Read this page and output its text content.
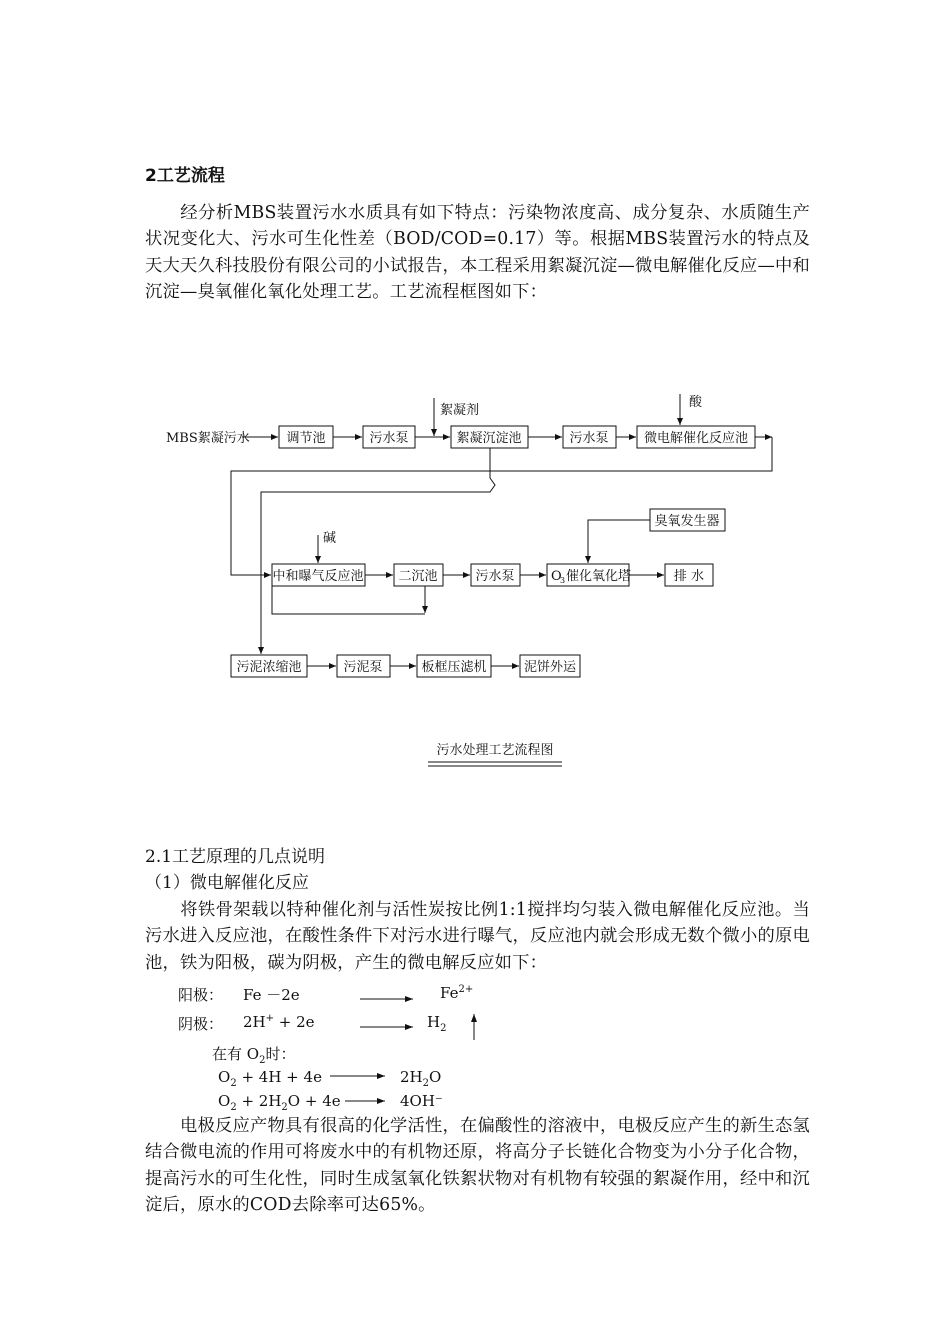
2工艺流程
经分析MBS装置污水水质具有如下特点：污染物浓度高、成分复杂、水质随生产状况变化大、污水可生化性差（BOD/COD=0.17）等。根据MBS装置污水的特点及天大天久科技股份有限公司的小试报告，本工程采用絮凝沉淀—微电解催化反应—中和沉淀—臭氧催化氧化处理工艺。工艺流程框图如下：
MBS絮凝污水
絮凝剂
酸
碱
调节池	污水泵	絮凝沉淀池	污水泵	微电解催化反应池
中和曝气反应池	二沉池	污水泵	O
3 催化氧化塔	排 水
臭氧发生器
污泥浓缩池	污泥泵	板框压滤机	泥饼外运
污水处理工艺流程图
2.1工艺原理的几点说明
（1）微电解催化反应
将铁骨架载以特种催化剂与活性炭按比例1:1搅拌均匀装入微电解催化反应池。当污水进入反应池，在酸性条件下对污水进行曝气，反应池内就会形成无数个微小的原电池，铁为阳极，碳为阴极，产生的微电解反应如下：
阳极： Fe －2e	$Fe^{2+}$
阴极： 2H+ + 2e	$H_2$
在有 $O_2$时：
$O_2 + 4H + 4e$	$2H_2O$
$O_2 + 2H_2O + 4e$	4OH⁻
电极反应产物具有很高的化学活性，在偏酸性的溶液中，电极反应产生的新生态氢结合微电流的作用可将废水中的有机物还原，将高分子长链化合物变为小分子化合物，提高污水的可生化性，同时生成氢氧化铁絮状物对有机物有较强的絮凝作用，经中和沉淀后，原水的COD去除率可达65%。
